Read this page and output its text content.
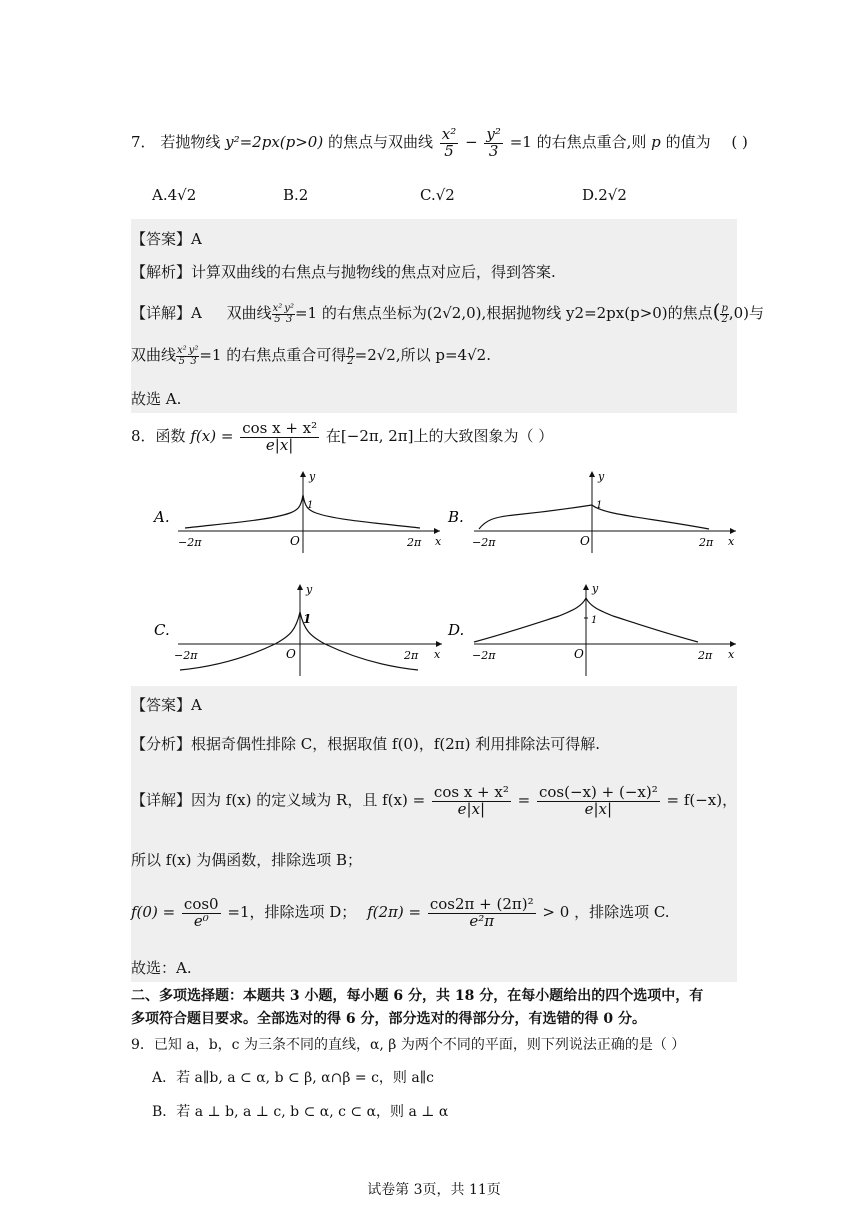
7． 若抛物线 y²=2px(p>0) 的焦点与双曲线 $\frac{\text{x²}}{5} - \frac{\text{y²}}{3} =1$ 的右焦点重合,则 p 的值为 ( )
A.4√2	B.2	C.√2	D.2√2
【答案】A
【解析】计算双曲线的右焦点与抛物线的焦点对应后，得到答案.
【详解】A 双曲线 $\frac{\text{x²}}{5} \frac{\text{y²}}{3} =1$ 的右焦点坐标为(2√2,0),根据抛物线 y2=2px(p>0)的焦点( $\frac{p}{2} ,0$)与
双曲线 $\frac{\text{x²}}{5} \frac{\text{y²}}{3} =1$ 的右焦点重合可得 $\frac{p}{2} =2√2$,所以 p=4√2.
故选 A.
8．函数 $f(x) = \frac{\text{cos x + x²}}{e|x|}$ 在[−2π, 2π]上的大致图象为（ ）
A.
y
1
O
−2π	2π x
B.
y
1
O
−2π	2π x
C.
y
1
O
−2π	2π x
D.
y
1
O
−2π	2π x
【答案】A
【分析】根据奇偶性排除 C，根据取值 f(0)，f(2π) 利用排除法可得解.
【详解】因为 f(x) 的定义域为 R，且 $f(x) = \frac{\text{cos x + x²}}{e|x|} = \frac{\text{cos(−x) + (−x)²}}{e|x|} = f(-x)$，
所以 f(x) 为偶函数，排除选项 B；
$f(0) = \frac{\cos 0}{\text{e⁰}} =1$，排除选项 D； $f(2\pi) = \frac{\text{cos2π + (2π)²}}{\text{e²π}} > 0$ ，排除选项 C.
故选：A.
二、多项选择题：本题共 3 小题，每小题 6 分，共 18 分，在每小题给出的四个选项中，有
多项符合题目要求。全部选对的得 6 分，部分选对的得部分分，有选错的得 0 分。
9．已知 a，b，c 为三条不同的直线，α, β 为两个不同的平面，则下列说法正确的是（ ）
A．若 a∥b, a ⊂ α, b ⊂ β, α∩β = c，则 a∥c
B．若 a ⊥ b, a ⊥ c, b ⊂ α, c ⊂ α，则 a ⊥ α
试卷第 3页，共 11页
